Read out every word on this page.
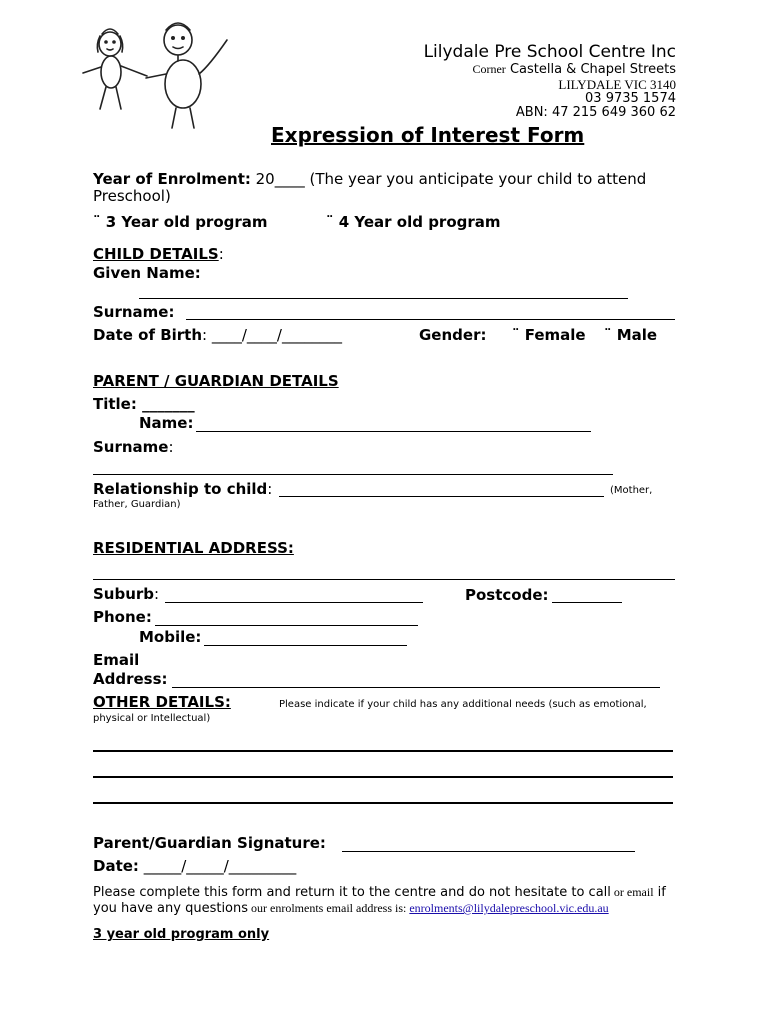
Lilydale Pre School Centre Inc
Corner Castella & Chapel Streets
LILYDALE VIC 3140
03 9735 1574
ABN: 47 215 649 360 62
Expression of Interest Form
Year of Enrolment: 20____ (The year you anticipate your child to attend
Preschool)
¨ 3 Year old program	¨ 4 Year old program
CHILD DETAILS:
Given Name:
Surname:
Date of Birth: ____/____/________	Gender: ¨ Female ¨ Male
PARENT / GUARDIAN DETAILS
Title: _______
Name:
Surname:
Relationship to child:	(Mother,
Father, Guardian)
RESIDENTIAL ADDRESS:
Suburb:	Postcode:
Phone:
Mobile:
Email
Address:
OTHER DETAILS:	Please indicate if your child has any additional needs (such as emotional,
physical or Intellectual)
Parent/Guardian Signature:
Date: _____/_____/_________
Please complete this form and return it to the centre and do not hesitate to call or email if
you have any questions our enrolments email address is: enrolments@lilydalepreschool.vic.edu.au
3 year old program only
